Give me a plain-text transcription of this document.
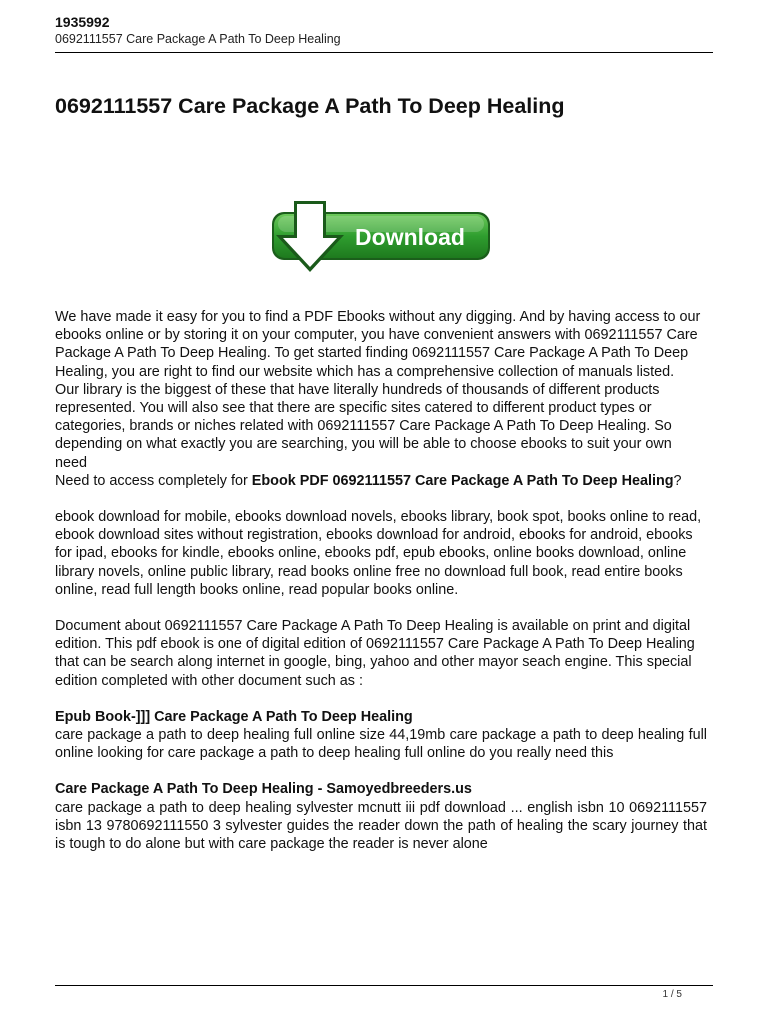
1935992
0692111557 Care Package A Path To Deep Healing
0692111557 Care Package A Path To Deep Healing
Download

We have made it easy for you to find a PDF Ebooks without any digging. And by having access to our ebooks online or by storing it on your computer, you have convenient answers with 0692111557 Care Package A Path To Deep Healing. To get started finding 0692111557 Care Package A Path To Deep Healing, you are right to find our website which has a comprehensive collection of manuals listed.

Our library is the biggest of these that have literally hundreds of thousands of different products represented. You will also see that there are specific sites catered to different product types or categories, brands or niches related with 0692111557 Care Package A Path To Deep Healing. So depending on what exactly you are searching, you will be able to choose ebooks to suit your own need

Need to access completely for Ebook PDF 0692111557 Care Package A Path To Deep Healing?

ebook download for mobile, ebooks download novels, ebooks library, book spot, books online to read, ebook download sites without registration, ebooks download for android, ebooks for android, ebooks for ipad, ebooks for kindle, ebooks online, ebooks pdf, epub ebooks, online books download, online library novels, online public library, read books online free no download full book, read entire books online, read full length books online, read popular books online.

Document about 0692111557 Care Package A Path To Deep Healing is available on print and digital edition. This pdf ebook is one of digital edition of 0692111557 Care Package A Path To Deep Healing that can be search along internet in google, bing, yahoo and other mayor seach engine. This special edition completed with other document such as :

Epub Book-]]] Care Package A Path To Deep Healing

care package a path to deep healing full online size 44,19mb care package a path to deep healing full online looking for care package a path to deep healing full online do you really need this

Care Package A Path To Deep Healing - Samoyedbreeders.us

care package a path to deep healing sylvester mcnutt iii pdf download ... english isbn 10 0692111557 isbn 13 9780692111550 3 sylvester guides the reader down the path of healing the scary journey that is tough to do alone but with care package the reader is never alone

1 / 5
